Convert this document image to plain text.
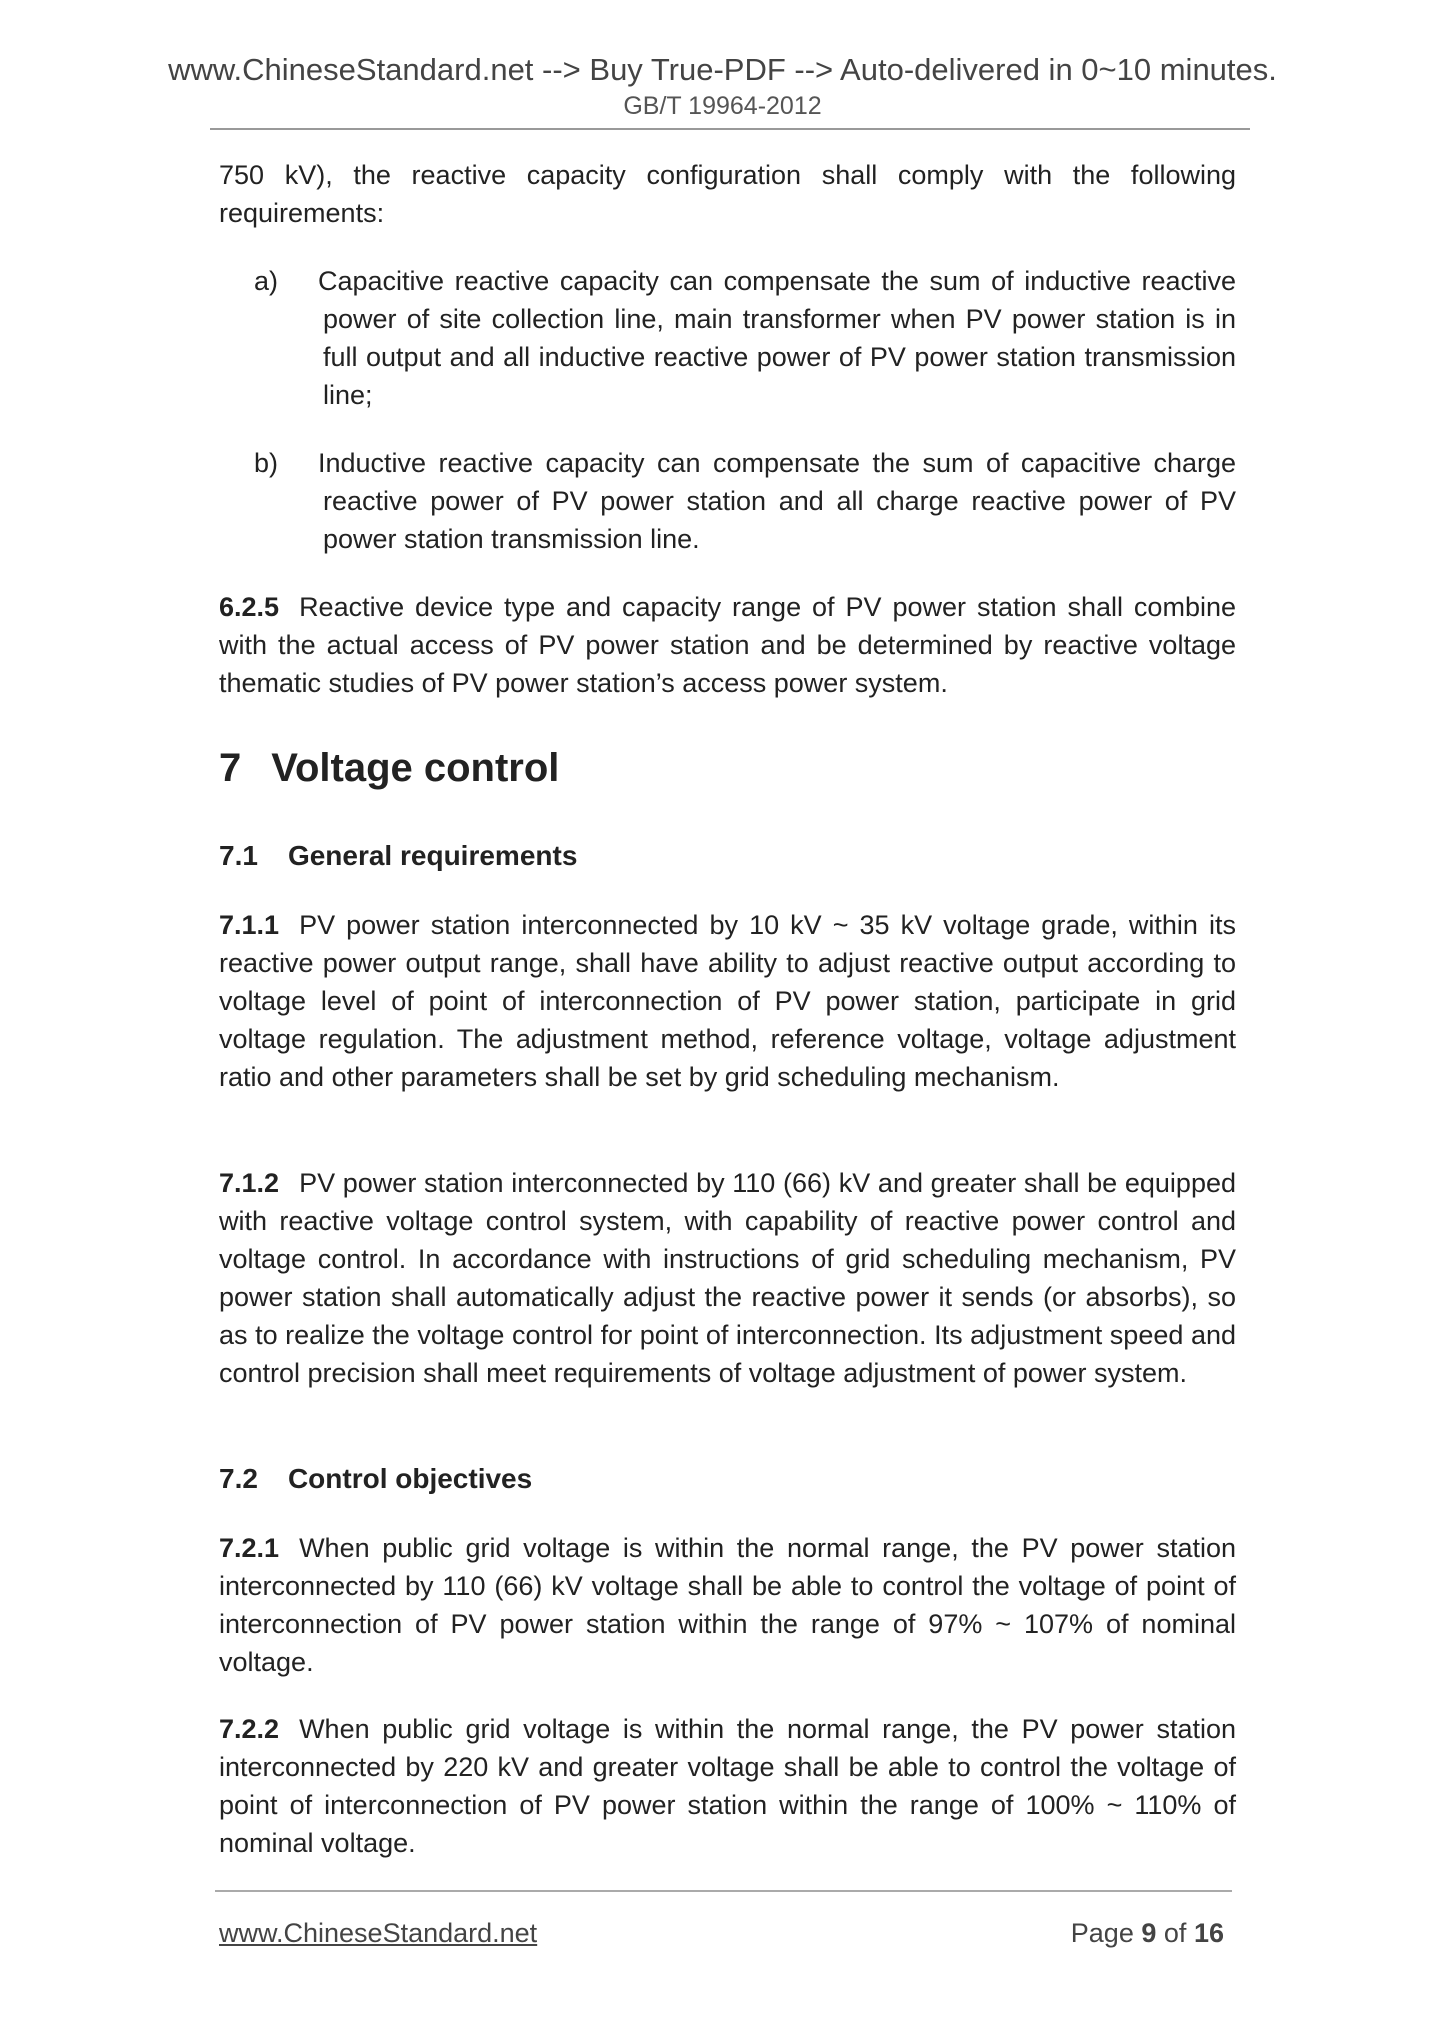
www.ChineseStandard.net --> Buy True-PDF --> Auto-delivered in 0~10 minutes.
GB/T 19964-2012
750 kV), the reactive capacity configuration shall comply with the following requirements:
a) Capacitive reactive capacity can compensate the sum of inductive reactive power of site collection line, main transformer when PV power station is in full output and all inductive reactive power of PV power station transmission line;
b) Inductive reactive capacity can compensate the sum of capacitive charge reactive power of PV power station and all charge reactive power of PV power station transmission line.
6.2.5 Reactive device type and capacity range of PV power station shall combine with the actual access of PV power station and be determined by reactive voltage thematic studies of PV power station’s access power system.
7 Voltage control
7.1 General requirements
7.1.1 PV power station interconnected by 10 kV ~ 35 kV voltage grade, within its reactive power output range, shall have ability to adjust reactive output according to voltage level of point of interconnection of PV power station, participate in grid voltage regulation. The adjustment method, reference voltage, voltage adjustment ratio and other parameters shall be set by grid scheduling mechanism.
7.1.2 PV power station interconnected by 110 (66) kV and greater shall be equipped with reactive voltage control system, with capability of reactive power control and voltage control. In accordance with instructions of grid scheduling mechanism, PV power station shall automatically adjust the reactive power it sends (or absorbs), so as to realize the voltage control for point of interconnection. Its adjustment speed and control precision shall meet requirements of voltage adjustment of power system.
7.2 Control objectives
7.2.1 When public grid voltage is within the normal range, the PV power station interconnected by 110 (66) kV voltage shall be able to control the voltage of point of interconnection of PV power station within the range of 97% ~ 107% of nominal voltage.
7.2.2 When public grid voltage is within the normal range, the PV power station interconnected by 220 kV and greater voltage shall be able to control the voltage of point of interconnection of PV power station within the range of 100% ~ 110% of nominal voltage.
www.ChineseStandard.net	Page 9 of 16
